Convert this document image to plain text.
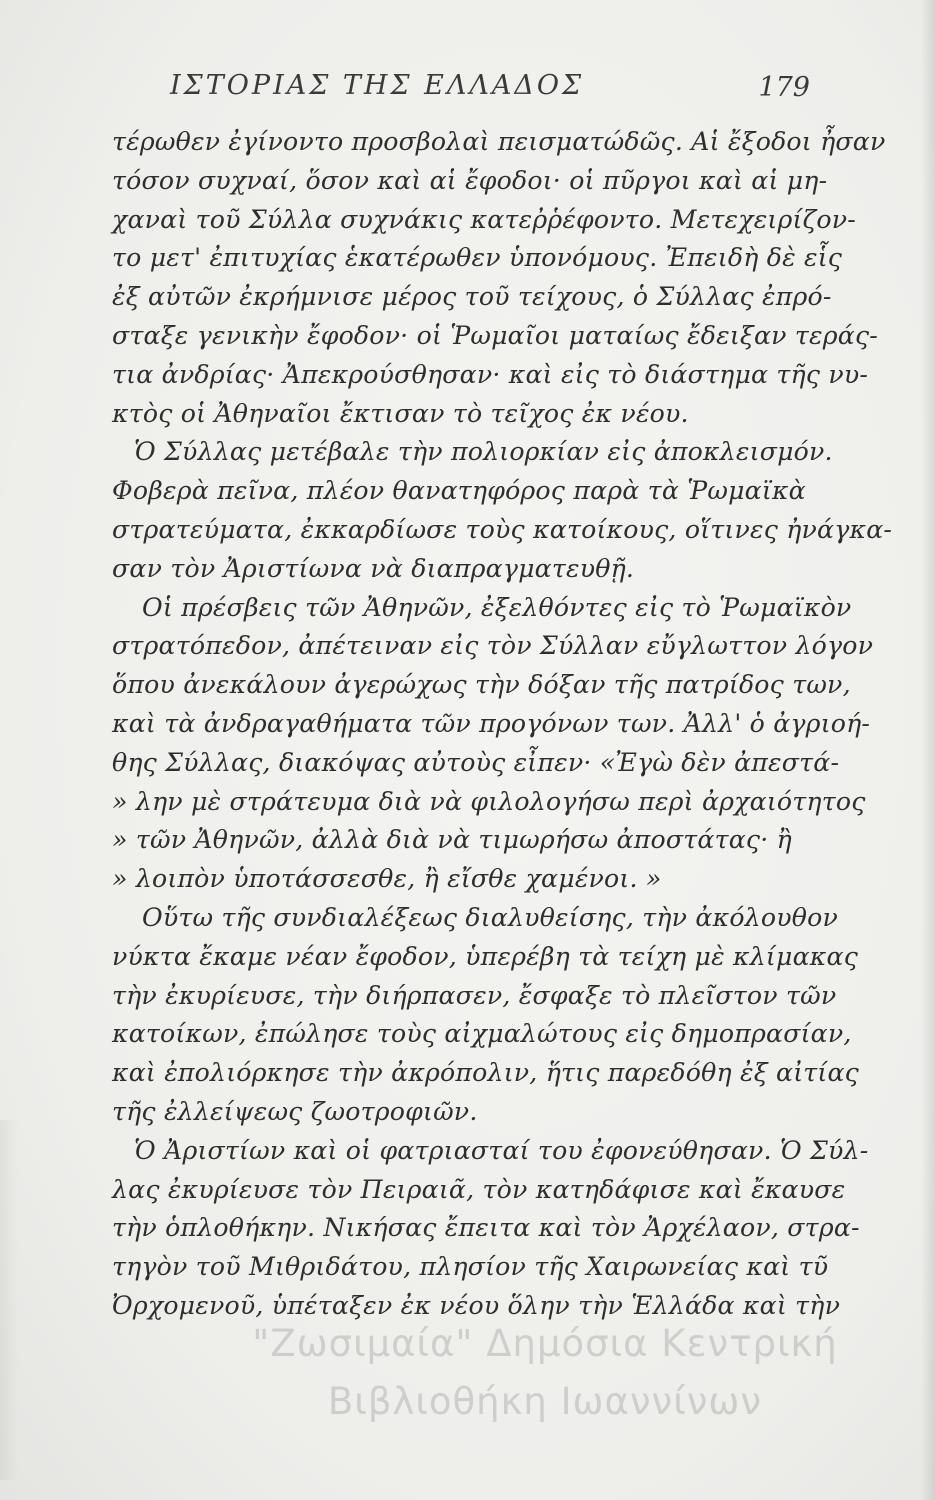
ΙΣΤΟΡΙΑΣ ΤΗΣ ΕΛΛΑΔΟΣ	179
τέρωθεν ἐγίνοντο προσβολαὶ πεισματώδῶς. Αἱ ἔξοδοι ἦσαν
τόσον συχναί, ὅσον καὶ αἱ ἔφοδοι· οἱ πῦργοι καὶ αἱ μη-
χαναὶ τοῦ Σύλλα συχνάκις κατεῤῥέφοντο. Μετεχειρίζον-
το μετ' ἐπιτυχίας ἑκατέρωθεν ὑπονόμους. Ἐπειδὴ δὲ εἷς
ἐξ αὐτῶν ἐκρήμνισε μέρος τοῦ τείχους, ὁ Σύλλας ἐπρό-
σταξε γενικὴν ἔφοδον· οἱ Ῥωμαῖοι ματαίως ἔδειξαν τεράς-
τια ἀνδρίας· Ἀπεκρούσθησαν· καὶ εἰς τὸ διάστημα τῆς νυ-
κτὸς οἱ Ἀθηναῖοι ἔκτισαν τὸ τεῖχος ἐκ νέου.
Ὁ Σύλλας μετέβαλε τὴν πολιορκίαν εἰς ἀποκλεισμόν.
Φοβερὰ πεῖνα, πλέον θανατηφόρος παρὰ τὰ Ῥωμαϊκὰ
στρατεύματα, ἐκκαρδίωσε τοὺς κατοίκους, οἵτινες ἠνάγκα-
σαν τὸν Ἀριστίωνα νὰ διαπραγματευθῇ.
Οἱ πρέσβεις τῶν Ἀθηνῶν, ἐξελθόντες εἰς τὸ Ῥωμαϊκὸν
στρατόπεδον, ἀπέτειναν εἰς τὸν Σύλλαν εὔγλωττον λόγον
ὅπου ἀνεκάλουν ἀγερώχως τὴν δόξαν τῆς πατρίδος των,
καὶ τὰ ἀνδραγαθήματα τῶν προγόνων των. Ἀλλ' ὁ ἀγριοή-
θης Σύλλας, διακόψας αὐτοὺς εἶπεν· «Ἐγὼ δὲν ἀπεστά-
» λην μὲ στράτευμα διὰ νὰ φιλολογήσω περὶ ἀρχαιότητος
» τῶν Ἀθηνῶν, ἀλλὰ διὰ νὰ τιμωρήσω ἀποστάτας· ἢ
» λοιπὸν ὑποτάσσεσθε, ἢ εἴσθε χαμένοι. »
Οὕτω τῆς συνδιαλέξεως διαλυθείσης, τὴν ἀκόλουθον
νύκτα ἔκαμε νέαν ἔφοδον, ὑπερέβη τὰ τείχη μὲ κλίμακας
τὴν ἐκυρίευσε, τὴν διήρπασεν, ἔσφαξε τὸ πλεῖστον τῶν
κατοίκων, ἐπώλησε τοὺς αἰχμαλώτους εἰς δημοπρασίαν,
καὶ ἐπολιόρκησε τὴν ἀκρόπολιν, ἥτις παρεδόθη ἐξ αἰτίας
τῆς ἐλλείψεως ζωοτροφιῶν.
Ὁ Ἀριστίων καὶ οἱ φατριασταί του ἐφονεύθησαν. Ὁ Σύλ-
λας ἐκυρίευσε τὸν Πειραιᾶ, τὸν κατηδάφισε καὶ ἔκαυσε
τὴν ὁπλοθήκην. Νικήσας ἔπειτα καὶ τὸν Ἀρχέλαον, στρα-
τηγὸν τοῦ Μιθριδάτου, πλησίον τῆς Χαιρωνείας καὶ τῦ
Ὀρχομενοῦ, ὑπέταξεν ἐκ νέου ὅλην τὴν Ἑλλάδα καὶ τὴν
"Ζωσιμαία" Δημόσια Κεντρική
Βιβλιοθήκη Ιωαννίνων
